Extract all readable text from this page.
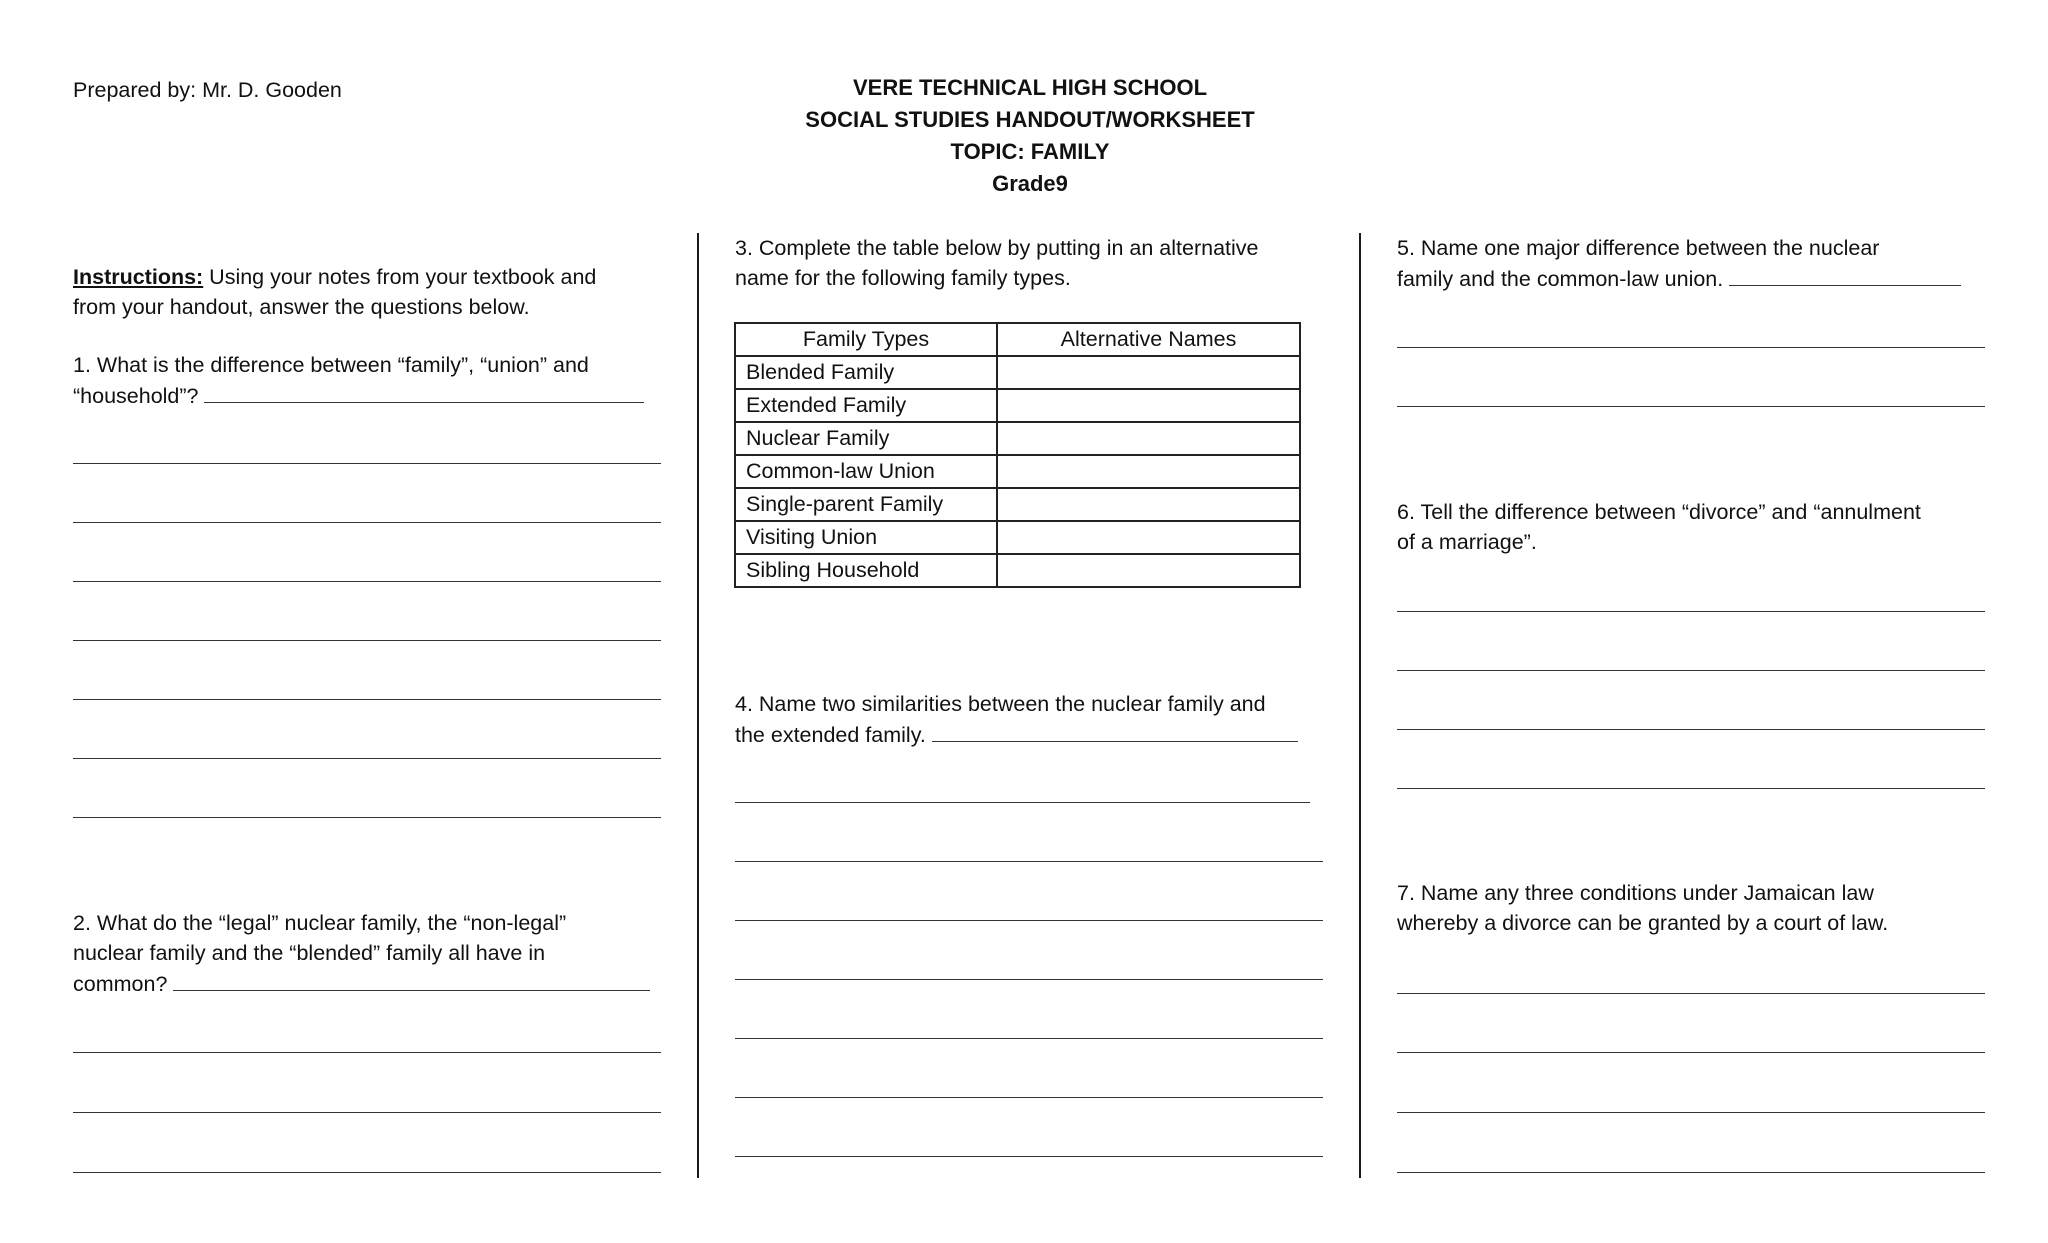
Prepared by: Mr. D. Gooden	VERE TECHNICAL HIGH SCHOOL
SOCIAL STUDIES HANDOUT/WORKSHEET
TOPIC: FAMILY
Grade9
Instructions: Using your notes from your textbook and
from your handout, answer the questions below.
1. What is the difference between “family”, “union” and
“household”?
2. What do the “legal” nuclear family, the “non-legal”
nuclear family and the “blended” family all have in
common?
3. Complete the table below by putting in an alternative
name for the following family types.
Family Types	Alternative Names
Blended Family	
Extended Family	
Nuclear Family	
Common-law Union	
Single-parent Family	
Visiting Union	
Sibling Household	
4. Name two similarities between the nuclear family and
the extended family.
5. Name one major difference between the nuclear
family and the common-law union.
6. Tell the difference between “divorce” and “annulment
of a marriage”.
7. Name any three conditions under Jamaican law
whereby a divorce can be granted by a court of law.
